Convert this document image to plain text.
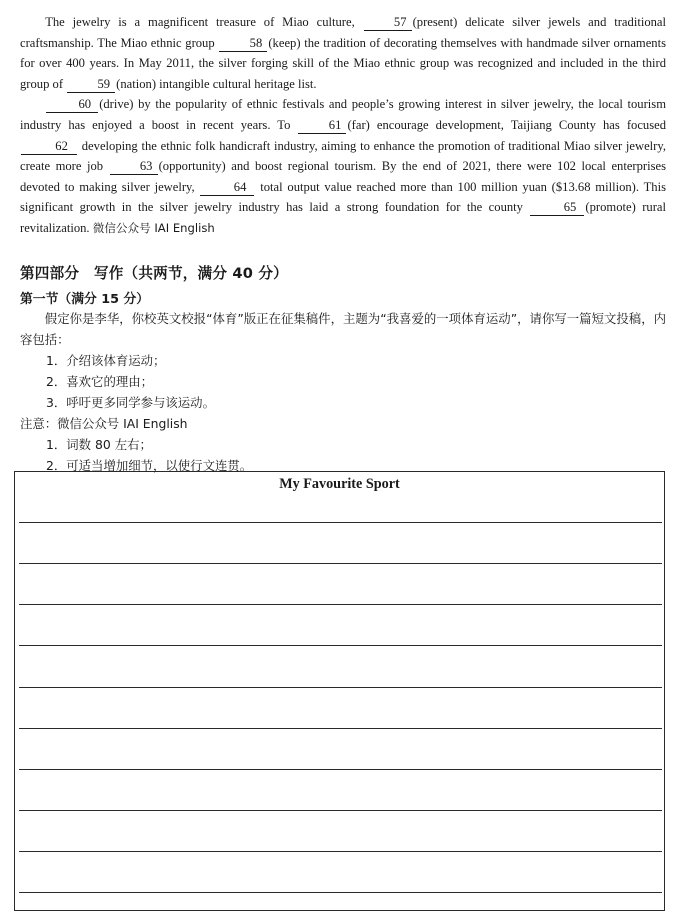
The jewelry is a magnificent treasure of Miao culture, 57 (present) delicate silver jewels and traditional craftsmanship. The Miao ethnic group 58 (keep) the tradition of decorating themselves with handmade silver ornaments for over 400 years. In May 2011, the silver forging skill of the Miao ethnic group was recognized and included in the third group of 59 (nation) intangible cultural heritage list.

60 (drive) by the popularity of ethnic festivals and people’s growing interest in silver jewelry, the local tourism industry has enjoyed a boost in recent years. To 61 (far) encourage development, Taijiang County has focused 62 developing the ethnic folk handicraft industry, aiming to enhance the promotion of traditional Miao silver jewelry, create more job 63 (opportunity) and boost regional tourism. By the end of 2021, there were 102 local enterprises devoted to making silver jewelry,	64 total output value reached more than 100 million yuan ($13.68 million). This significant growth in the silver jewelry industry has laid a strong foundation for the county	65 (promote) rural revitalization. 微信公众号 IAI English

第四部分　写作（共两节，满分 40 分）
第一节（满分 15 分）

假定你是李华，你校英文校报“体育”版正在征集稿件，主题为“我喜爱的一项体育运动”，请你写一篇短文投稿，内容包括：

1．介绍该体育运动；

2．喜欢它的理由；

3．呼吁更多同学参与该运动。

注意：微信公众号 IAI English

1．词数 80 左右；

2．可适当增加细节，以使行文连贯。

My Favourite Sport
